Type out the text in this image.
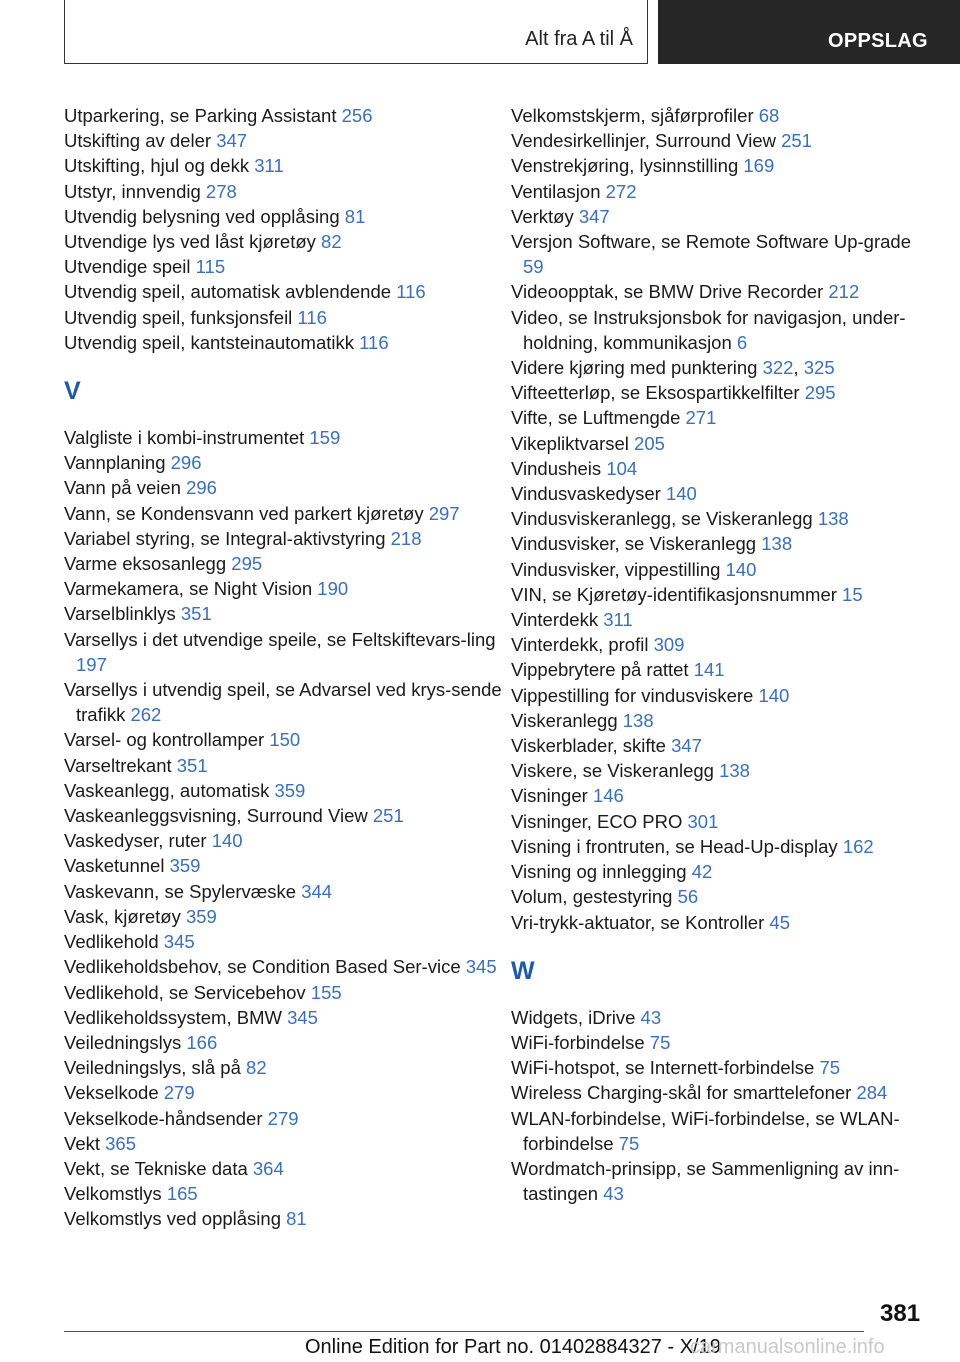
Alt fra A til Å	OPPSLAG
Utparkering, se Parking Assistant 256
Utskifting av deler 347
Utskifting, hjul og dekk 311
Utstyr, innvendig 278
Utvendig belysning ved opplåsing 81
Utvendige lys ved låst kjøretøy 82
Utvendige speil 115
Utvendig speil, automatisk avblendende 116
Utvendig speil, funksjonsfeil 116
Utvendig speil, kantsteinautomatikk 116
V
Valgliste i kombi-instrumentet 159
Vannplaning 296
Vann på veien 296
Vann, se Kondensvann ved parkert kjøretøy 297
Variabel styring, se Integral-aktivstyring 218
Varme eksosanlegg 295
Varmekamera, se Night Vision 190
Varselblinklys 351
Varsellys i det utvendige speile, se Feltskiftevars-ling 197
Varsellys i utvendig speil, se Advarsel ved krys-sende trafikk 262
Varsel- og kontrollamper 150
Varseltrekant 351
Vaskeanlegg, automatisk 359
Vaskeanleggsvisning, Surround View 251
Vaskedyser, ruter 140
Vasketunnel 359
Vaskevann, se Spylervæske 344
Vask, kjøretøy 359
Vedlikehold 345
Vedlikeholdsbehov, se Condition Based Ser-vice 345
Vedlikehold, se Servicebehov 155
Vedlikeholdssystem, BMW 345
Veiledningslys 166
Veiledningslys, slå på 82
Vekselkode 279
Vekselkode-håndsender 279
Vekt 365
Vekt, se Tekniske data 364
Velkomstlys 165
Velkomstlys ved opplåsing 81
Velkomstskjerm, sjåførprofiler 68
Vendesirkellinjer, Surround View 251
Venstrekjøring, lysinnstilling 169
Ventilasjon 272
Verktøy 347
Versjon Software, se Remote Software Up-grade 59
Videoopptak, se BMW Drive Recorder 212
Video, se Instruksjonsbok for navigasjon, under-holdning, kommunikasjon 6
Videre kjøring med punktering 322, 325
Vifteetterløp, se Eksospartikkelfilter 295
Vifte, se Luftmengde 271
Vikepliktvarsel 205
Vindusheis 104
Vindusvaskedyser 140
Vindusviskeranlegg, se Viskeranlegg 138
Vindusvisker, se Viskeranlegg 138
Vindusvisker, vippestilling 140
VIN, se Kjøretøy-identifikasjonsnummer 15
Vinterdekk 311
Vinterdekk, profil 309
Vippebrytere på rattet 141
Vippestilling for vindusviskere 140
Viskeranlegg 138
Viskerblader, skifte 347
Viskere, se Viskeranlegg 138
Visninger 146
Visninger, ECO PRO 301
Visning i frontruten, se Head-Up-display 162
Visning og innlegging 42
Volum, gestestyring 56
Vri-trykk-aktuator, se Kontroller 45
W
Widgets, iDrive 43
WiFi-forbindelse 75
WiFi-hotspot, se Internett-forbindelse 75
Wireless Charging-skål for smarttelefoner 284
WLAN-forbindelse, WiFi-forbindelse, se WLAN-forbindelse 75
Wordmatch-prinsipp, se Sammenligning av inn-tastingen 43
381
Online Edition for Part no. 01402884327 - X/19
carmanualsonline.info
